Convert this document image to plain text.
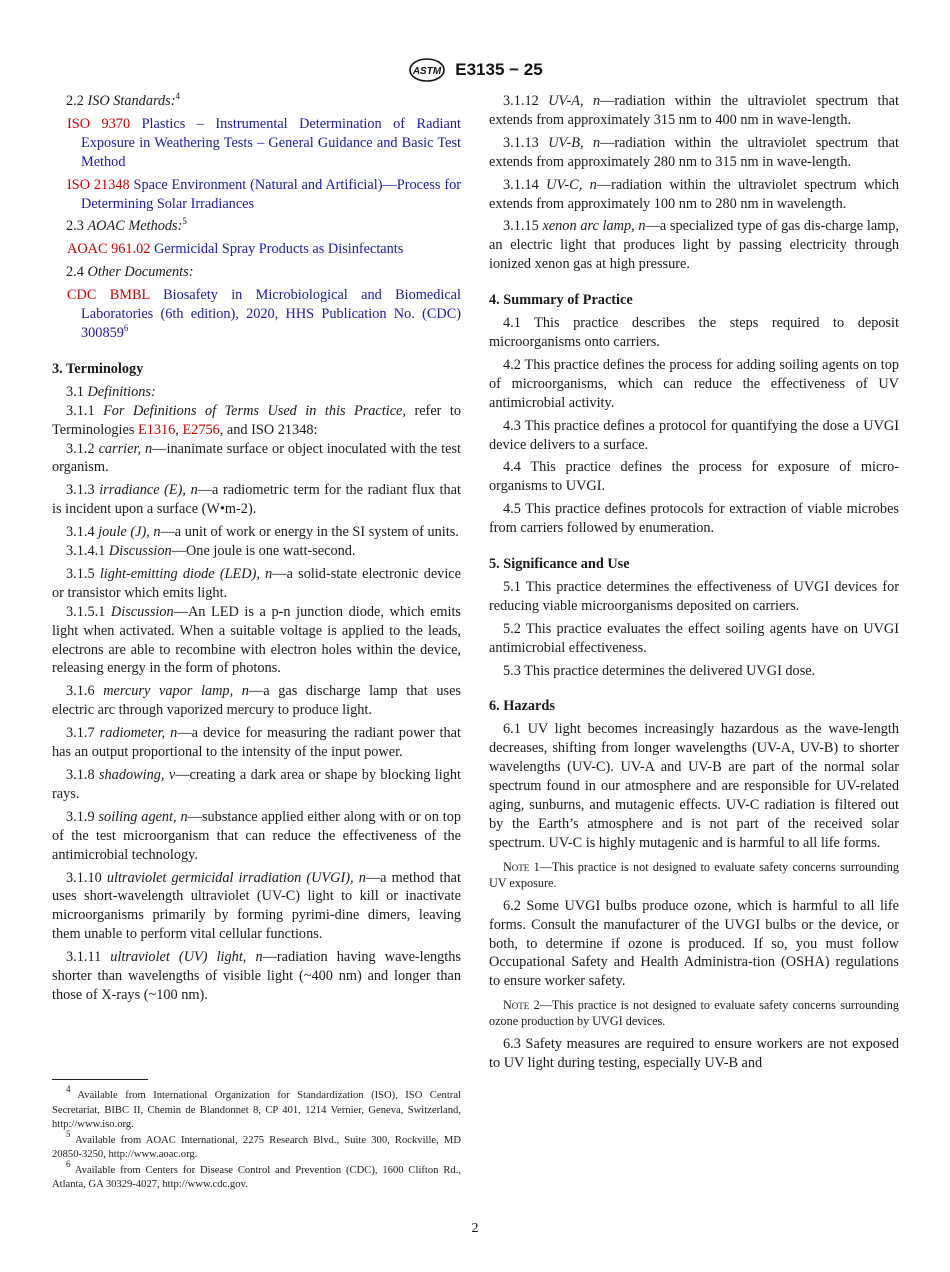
ASTM E3135 − 25

2.2 ISO Standards:$^4$

ISO 9370 Plastics – Instrumental Determination of Radiant Exposure in Weathering Tests – General Guidance and Basic Test Method

ISO 21348 Space Environment (Natural and Artificial)—Process for Determining Solar Irradiances

2.3 AOAC Methods:$^5$

AOAC 961.02 Germicidal Spray Products as Disinfectants

2.4 Other Documents:

CDC BMBL Biosafety in Microbiological and Biomedical Laboratories (6th edition), 2020, HHS Publication No. (CDC) 300859$^6$

3. Terminology

3.1 Definitions:

3.1.1 For Definitions of Terms Used in this Practice, refer to Terminologies E1316, E2756, and ISO 21348:

3.1.2 carrier, n—inanimate surface or object inoculated with the test organism.

3.1.3 irradiance (E), n—a radiometric term for the radiant flux that is incident upon a surface (W•m-2).

3.1.4 joule (J), n—a unit of work or energy in the SI system of units.

3.1.4.1 Discussion—One joule is one watt-second.

3.1.5 light-emitting diode (LED), n—a solid-state electronic device or transistor which emits light.

3.1.5.1 Discussion—An LED is a p-n junction diode, which emits light when activated. When a suitable voltage is applied to the leads, electrons are able to recombine with electron holes within the device, releasing energy in the form of photons.

3.1.6 mercury vapor lamp, n—a gas discharge lamp that uses electric arc through vaporized mercury to produce light.

3.1.7 radiometer, n—a device for measuring the radiant power that has an output proportional to the intensity of the input power.

3.1.8 shadowing, v—creating a dark area or shape by blocking light rays.

3.1.9 soiling agent, n—substance applied either along with or on top of the test microorganism that can reduce the effectiveness of the antimicrobial technology.

3.1.10 ultraviolet germicidal irradiation (UVGI), n—a method that uses short-wavelength ultraviolet (UV-C) light to kill or inactivate microorganisms primarily by forming pyrimi-dine dimers, leaving them unable to perform vital cellular functions.

3.1.11 ultraviolet (UV) light, n—radiation having wave-lengths shorter than wavelengths of visible light (~400 nm) and longer than those of X-rays (~100 nm).

3.1.12 UV-A, n—radiation within the ultraviolet spectrum that extends from approximately 315 nm to 400 nm in wave-length.

3.1.13 UV-B, n—radiation within the ultraviolet spectrum that extends from approximately 280 nm to 315 nm in wave-length.

3.1.14 UV-C, n—radiation within the ultraviolet spectrum which extends from approximately 100 nm to 280 nm in wavelength.

3.1.15 xenon arc lamp, n—a specialized type of gas dis-charge lamp, an electric light that produces light by passing electricity through ionized xenon gas at high pressure.

4. Summary of Practice

4.1 This practice describes the steps required to deposit microorganisms onto carriers.

4.2 This practice defines the process for adding soiling agents on top of microorganisms, which can reduce the effectiveness of UV antimicrobial activity.

4.3 This practice defines a protocol for quantifying the dose a UVGI device delivers to a surface.

4.4 This practice defines the process for exposure of micro-organisms to UVGI.

4.5 This practice defines protocols for extraction of viable microbes from carriers followed by enumeration.

5. Significance and Use

5.1 This practice determines the effectiveness of UVGI devices for reducing viable microorganisms deposited on carriers.

5.2 This practice evaluates the effect soiling agents have on UVGI antimicrobial effectiveness.

5.3 This practice determines the delivered UVGI dose.

6. Hazards

6.1 UV light becomes increasingly hazardous as the wave-length decreases, shifting from longer wavelengths (UV-A, UV-B) to shorter wavelengths (UV-C). UV-A and UV-B are part of the normal solar spectrum found in our atmosphere and are responsible for UV-related aging, sunburns, and mutagenic effects. UV-C radiation is filtered out by the Earth’s atmosphere and is not part of the received solar spectrum. UV-C is highly mutagenic and is harmful to all life forms.

Note 1—This practice is not designed to evaluate safety concerns surrounding UV exposure.

6.2 Some UVGI bulbs produce ozone, which is harmful to all life forms. Consult the manufacturer of the UVGI bulbs or the device, or both, to determine if ozone is produced. If so, you must follow Occupational Safety and Health Administra-tion (OSHA) regulations to ensure worker safety.

Note 2—This practice is not designed to evaluate safety concerns surrounding ozone production by UVGI devices.

6.3 Safety measures are required to ensure workers are not exposed to UV light during testing, especially UV-B and

$^4$ Available from International Organization for Standardization (ISO), ISO Central Secretariat, BIBC II, Chemin de Blandonnet 8, CP 401, 1214 Vernier, Geneva, Switzerland, http://www.iso.org.

$^5$ Available from AOAC International, 2275 Research Blvd., Suite 300, Rockville, MD 20850-3250, http://www.aoac.org.

$^6$ Available from Centers for Disease Control and Prevention (CDC), 1600 Clifton Rd., Atlanta, GA 30329-4027, http://www.cdc.gov.

2
